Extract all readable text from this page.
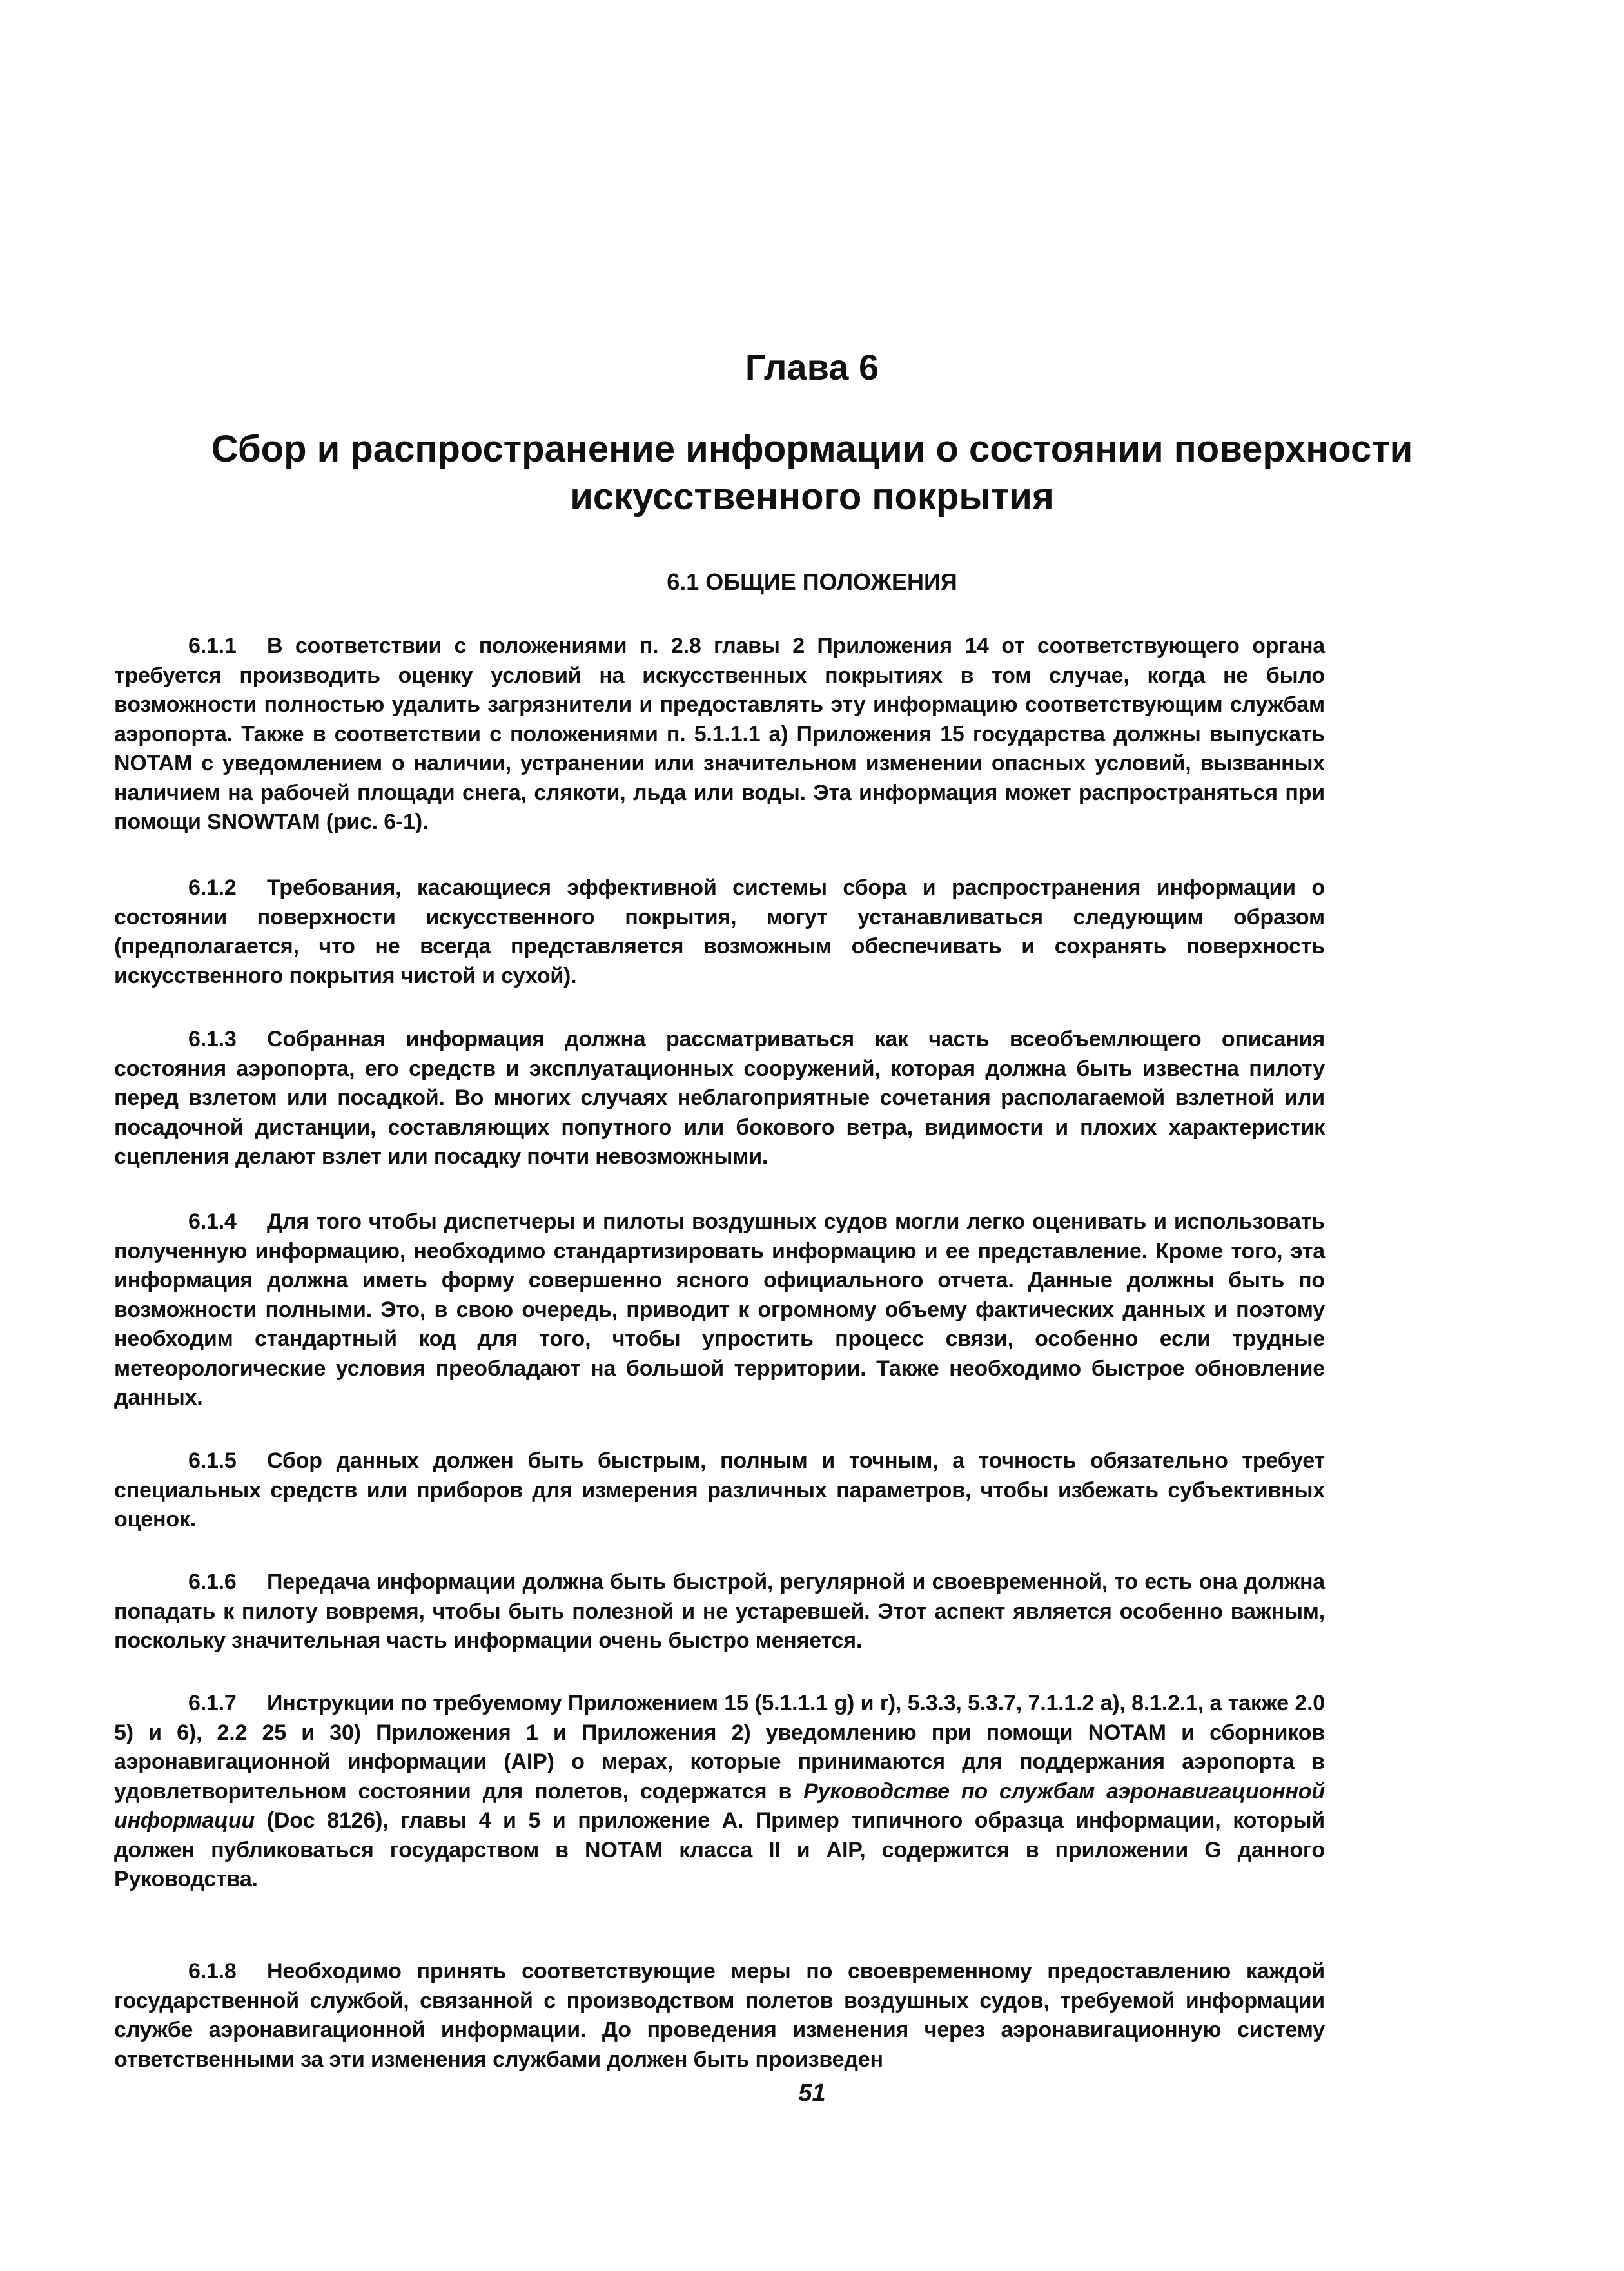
Глава 6
Сбор и распространение информации о состоянии поверхности
искусственного покрытия
6.1 ОБЩИЕ ПОЛОЖЕНИЯ
6.1.1 В соответствии с положениями п. 2.8 главы 2 Приложения 14 от соответствующего органа требуется производить оценку условий на искусственных покрытиях в том случае, когда не было возможности полностью удалить загрязнители и предоставлять эту информацию соответствующим службам аэропорта. Также в соответствии с положениями п. 5.1.1.1 a) Приложения 15 государства должны выпускать NOTAM с уведомлением о наличии, устранении или значительном изменении опасных условий, вызванных наличием на рабочей площади снега, слякоти, льда или воды. Эта информация может распространяться при помощи SNOWTAM (рис. 6-1).
6.1.2 Требования, касающиеся эффективной системы сбора и распространения информации о состоянии поверхности искусственного покрытия, могут устанавливаться следующим образом (предполагается, что не всегда представляется возможным обеспечивать и сохранять поверхность искусственного покрытия чистой и сухой).
6.1.3 Собранная информация должна рассматриваться как часть всеобъемлющего описания состояния аэропорта, его средств и эксплуатационных сооружений, которая должна быть известна пилоту перед взлетом или посадкой. Во многих случаях неблагоприятные сочетания располагаемой взлетной или посадочной дистанции, составляющих попутного или бокового ветра, видимости и плохих характеристик сцепления делают взлет или посадку почти невозможными.
6.1.4 Для того чтобы диспетчеры и пилоты воздушных судов могли легко оценивать и использовать полученную информацию, необходимо стандартизировать информацию и ее представление. Кроме того, эта информация должна иметь форму совершенно ясного официального отчета. Данные должны быть по возможности полными. Это, в свою очередь, приводит к огромному объему фактических данных и поэтому необходим стандартный код для того, чтобы упростить процесс связи, особенно если трудные метеорологические условия преобладают на большой территории. Также необходимо быстрое обновление данных.
6.1.5 Сбор данных должен быть быстрым, полным и точным, а точность обязательно требует специальных средств или приборов для измерения различных параметров, чтобы избежать субъективных оценок.
6.1.6 Передача информации должна быть быстрой, регулярной и своевременной, то есть она должна попадать к пилоту вовремя, чтобы быть полезной и не устаревшей. Этот аспект является особенно важным, поскольку значительная часть информации очень быстро меняется.
6.1.7 Инструкции по требуемому Приложением 15 (5.1.1.1 g) и r), 5.3.3, 5.3.7, 7.1.1.2 a), 8.1.2.1, a также 2.0 5) и 6), 2.2 25 и 30) Приложения 1 и Приложения 2) уведомлению при помощи NOTAM и сборников аэронавигационной информации (AIP) о мерах, которые принимаются для поддержания аэропорта в удовлетворительном состоянии для полетов, содержатся в Руководстве по службам аэронавигационной информации (Doc 8126), главы 4 и 5 и приложение A. Пример типичного образца информации, который должен публиковаться государством в NOTAM класса II и AIP, содержится в приложении G данного Руководства.
6.1.8 Необходимо принять соответствующие меры по своевременному предоставлению каждой государственной службой, связанной с производством полетов воздушных судов, требуемой информации службе аэронавигационной информации. До проведения изменения через аэронавигационную систему ответственными за эти изменения службами должен быть произведен
51
